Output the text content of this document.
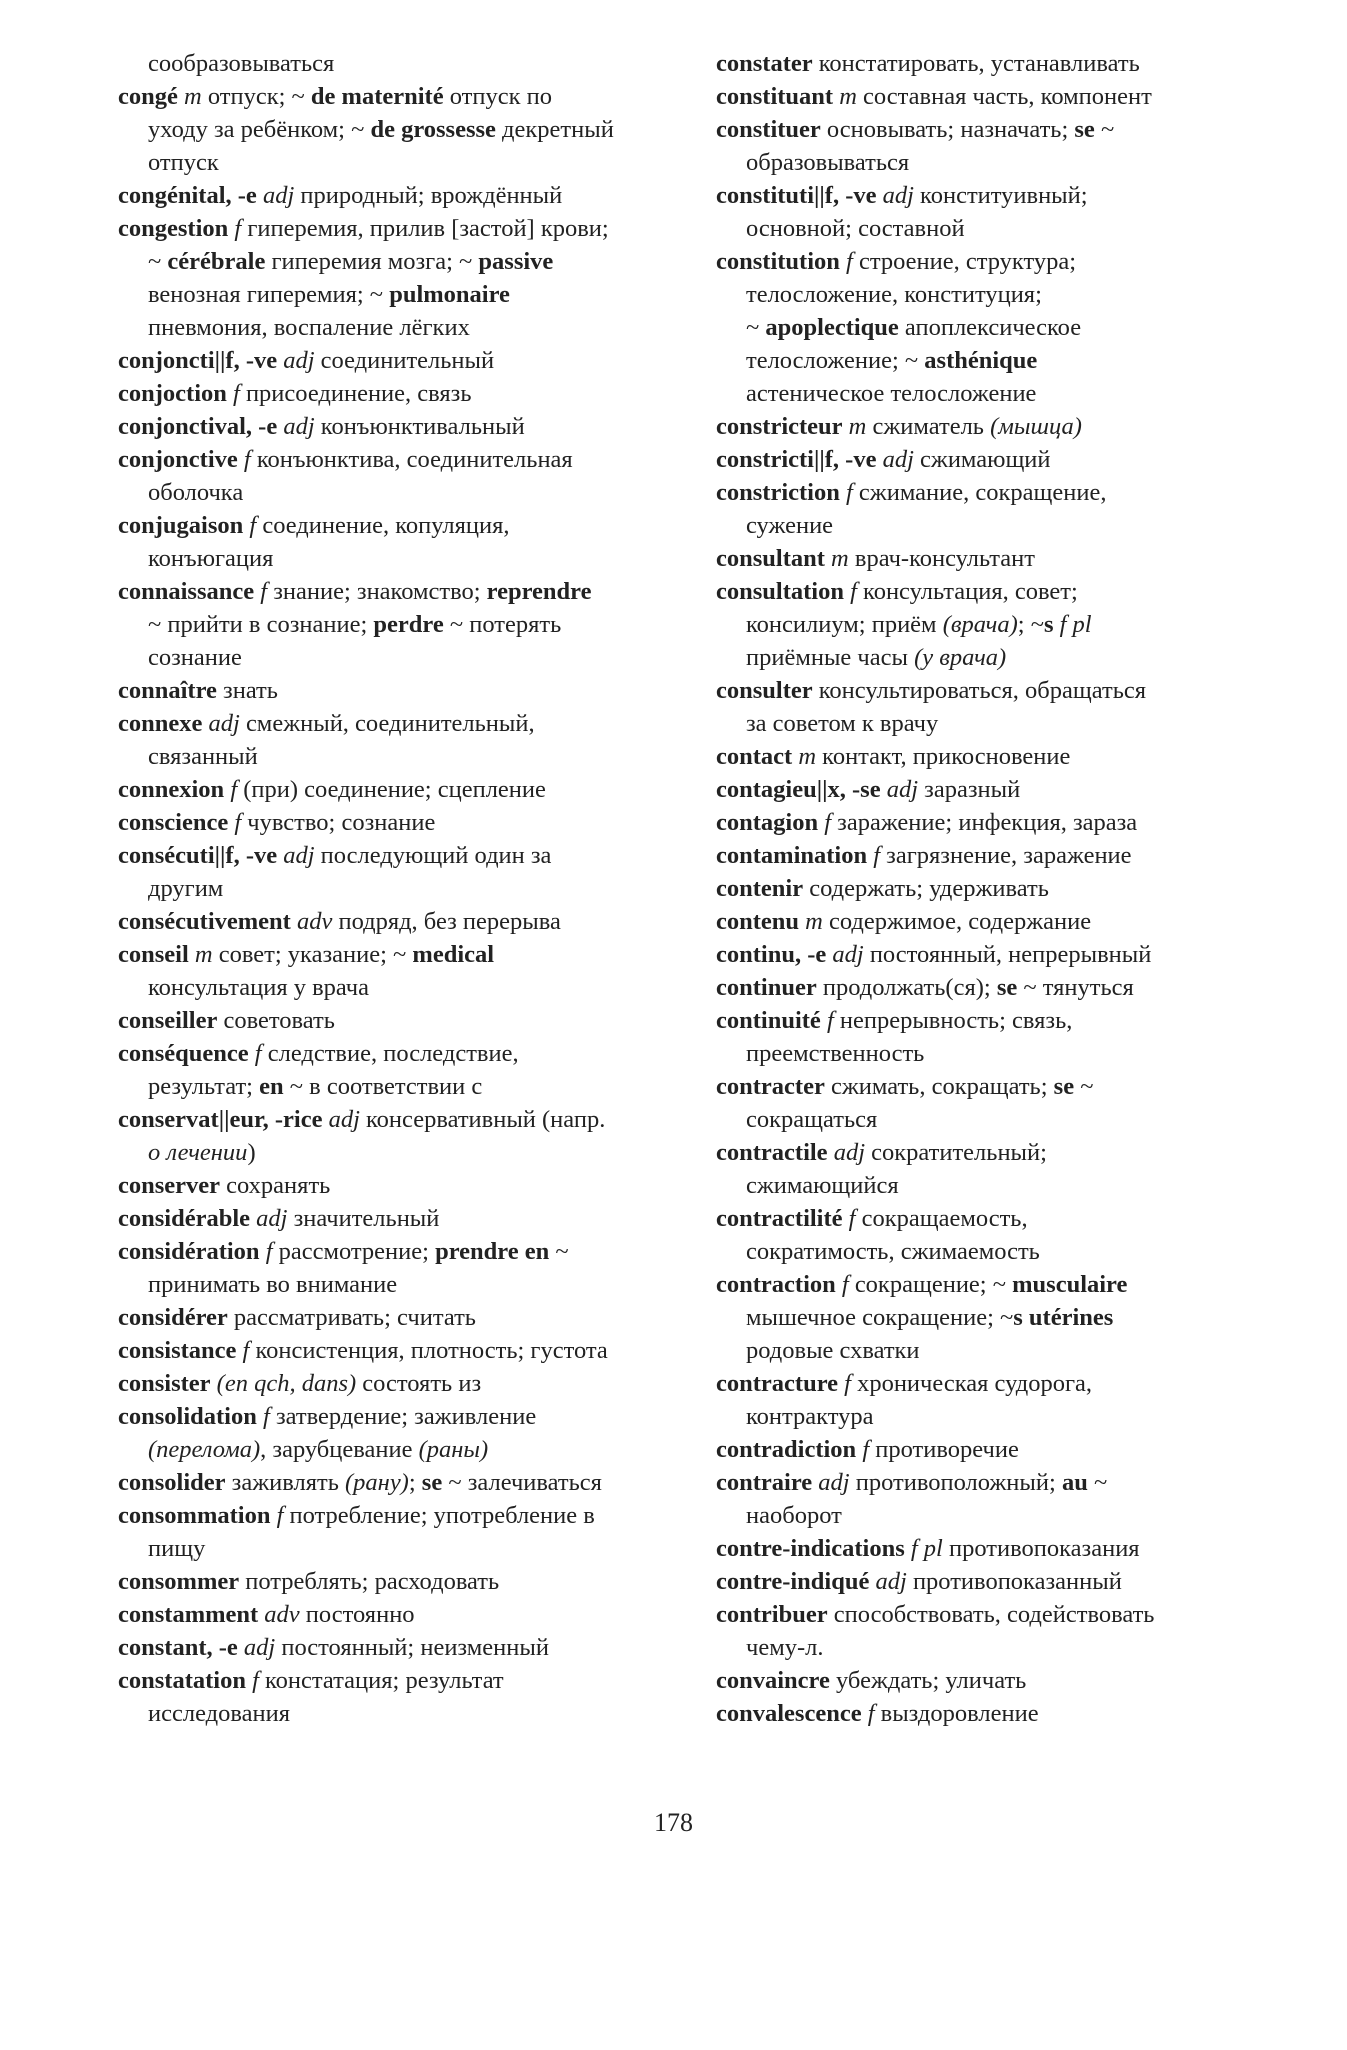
сообразовываться
congé m отпуск; ~ de maternité отпуск по
уходу за ребёнком; ~ de grossesse декретный
отпуск
congénital, -e adj природный; врождённый
congestion f гиперемия, прилив [застой] крови;
~ cérébrale гиперемия мозга; ~ passive
венозная гиперемия; ~ pulmonaire
пневмония, воспаление лёгких
conjoncti||f, -ve adj соединительный
conjoction f присоединение, связь
conjonctival, -e adj конъюнктивальный
conjonctive f конъюнктива, соединительная
оболочка
conjugaison f соединение, копуляция,
конъюгация
connaissance f знание; знакомство; reprendre
~ прийти в сознание; perdre ~ потерять
сознание
connaître знать
connexe adj смежный, соединительный,
связанный
connexion f (при) соединение; сцепление
conscience f чувство; сознание
consécuti||f, -ve adj последующий один за
другим
consécutivement adv подряд, без перерыва
conseil m совет; указание; ~ medical
консультация у врача
conseiller советовать
conséquence f следствие, последствие,
результат; en ~ в соответствии с
conservat||eur, -rice adj консервативный (напр.
о лечении)
conserver сохранять
considérable adj значительный
considération f рассмотрение; prendre en ~
принимать во внимание
considérer рассматривать; считать
consistance f консистенция, плотность; густота
consister (en qch, dans) состоять из
consolidation f затвердение; заживление
(перелома), зарубцевание (раны)
consolider заживлять (рану); se ~ залечиваться
consommation f потребление; употребление в
пищу
consommer потреблять; расходовать
constamment adv постоянно
constant, -e adj постоянный; неизменный
constatation f констатация; результат
исследования
constater констатировать, устанавливать
constituant m составная часть, компонент
constituer основывать; назначать; se ~
образовываться
constituti||f, -ve adj конституивный;
основной; составной
constitution f строение, структура;
телосложение, конституция;
~ apoplectique апоплексическое
телосложение; ~ asthénique
астеническое телосложение
constricteur m сжиматель (мышца)
constricti||f, -ve adj сжимающий
constriction f сжимание, сокращение,
сужение
consultant m врач-консультант
consultation f консультация, совет;
консилиум; приём (врача); ~s f pl
приёмные часы (у врача)
consulter консультироваться, обращаться
за советом к врачу
contact m контакт, прикосновение
contagieu||x, -se adj заразный
contagion f заражение; инфекция, зараза
contamination f загрязнение, заражение
contenir содержать; удерживать
contenu m содержимое, содержание
continu, -e adj постоянный, непрерывный
continuer продолжать(ся); se ~ тянуться
continuité f непрерывность; связь,
преемственность
contracter сжимать, сокращать; se ~
сокращаться
contractile adj сократительный;
сжимающийся
contractilité f сокращаемость,
сократимость, сжимаемость
contraction f сокращение; ~ musculaire
мышечное сокращение; ~s utérines
родовые схватки
contracture f хроническая судорога,
контрактура
contradiction f противоречие
contraire adj противоположный; au ~
наоборот
contre-indications f pl противопоказания
contre-indiqué adj противопоказанный
contribuer способствовать, содействовать
чему-л.
convaincre убеждать; уличать
convalescence f выздоровление
178
